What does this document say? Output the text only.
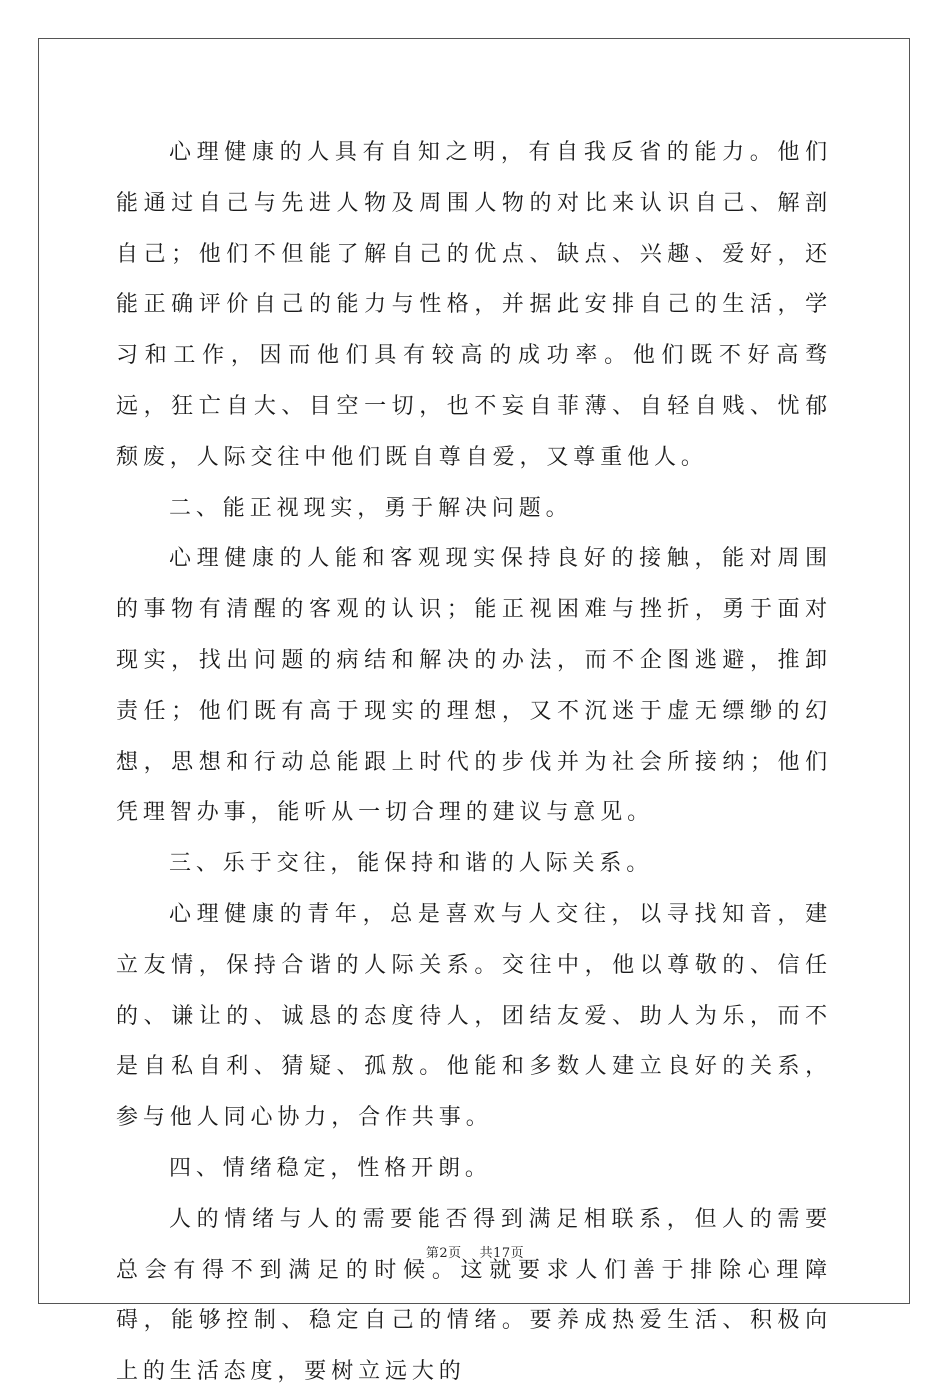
心理健康的人具有自知之明，有自我反省的能力。他们能通过自己与先进人物及周围人物的对比来认识自己、解剖自己；他们不但能了解自己的优点、缺点、兴趣、爱好，还能正确评价自己的能力与性格，并据此安排自己的生活，学习和工作，因而他们具有较高的成功率。他们既不好高骛远，狂亡自大、目空一切，也不妄自菲薄、自轻自贱、忧郁颓废，人际交往中他们既自尊自爱，又尊重他人。

二、能正视现实，勇于解决问题。

心理健康的人能和客观现实保持良好的接触，能对周围的事物有清醒的客观的认识；能正视困难与挫折，勇于面对现实，找出问题的病结和解决的办法，而不企图逃避，推卸责任；他们既有高于现实的理想，又不沉迷于虚无缥缈的幻想，思想和行动总能跟上时代的步伐并为社会所接纳；他们凭理智办事，能听从一切合理的建议与意见。

三、乐于交往，能保持和谐的人际关系。

心理健康的青年，总是喜欢与人交往，以寻找知音，建立友情，保持合谐的人际关系。交往中，他以尊敬的、信任的、谦让的、诚恳的态度待人，团结友爱、助人为乐，而不是自私自利、猜疑、孤敖。他能和多数人建立良好的关系，参与他人同心协力，合作共事。

四、情绪稳定，性格开朗。

人的情绪与人的需要能否得到满足相联系，但人的需要总会有得不到满足的时候。这就要求人们善于排除心理障碍，能够控制、稳定自己的情绪。要养成热爱生活、积极向上的生活态度，要树立远大的

第2页 共17页
